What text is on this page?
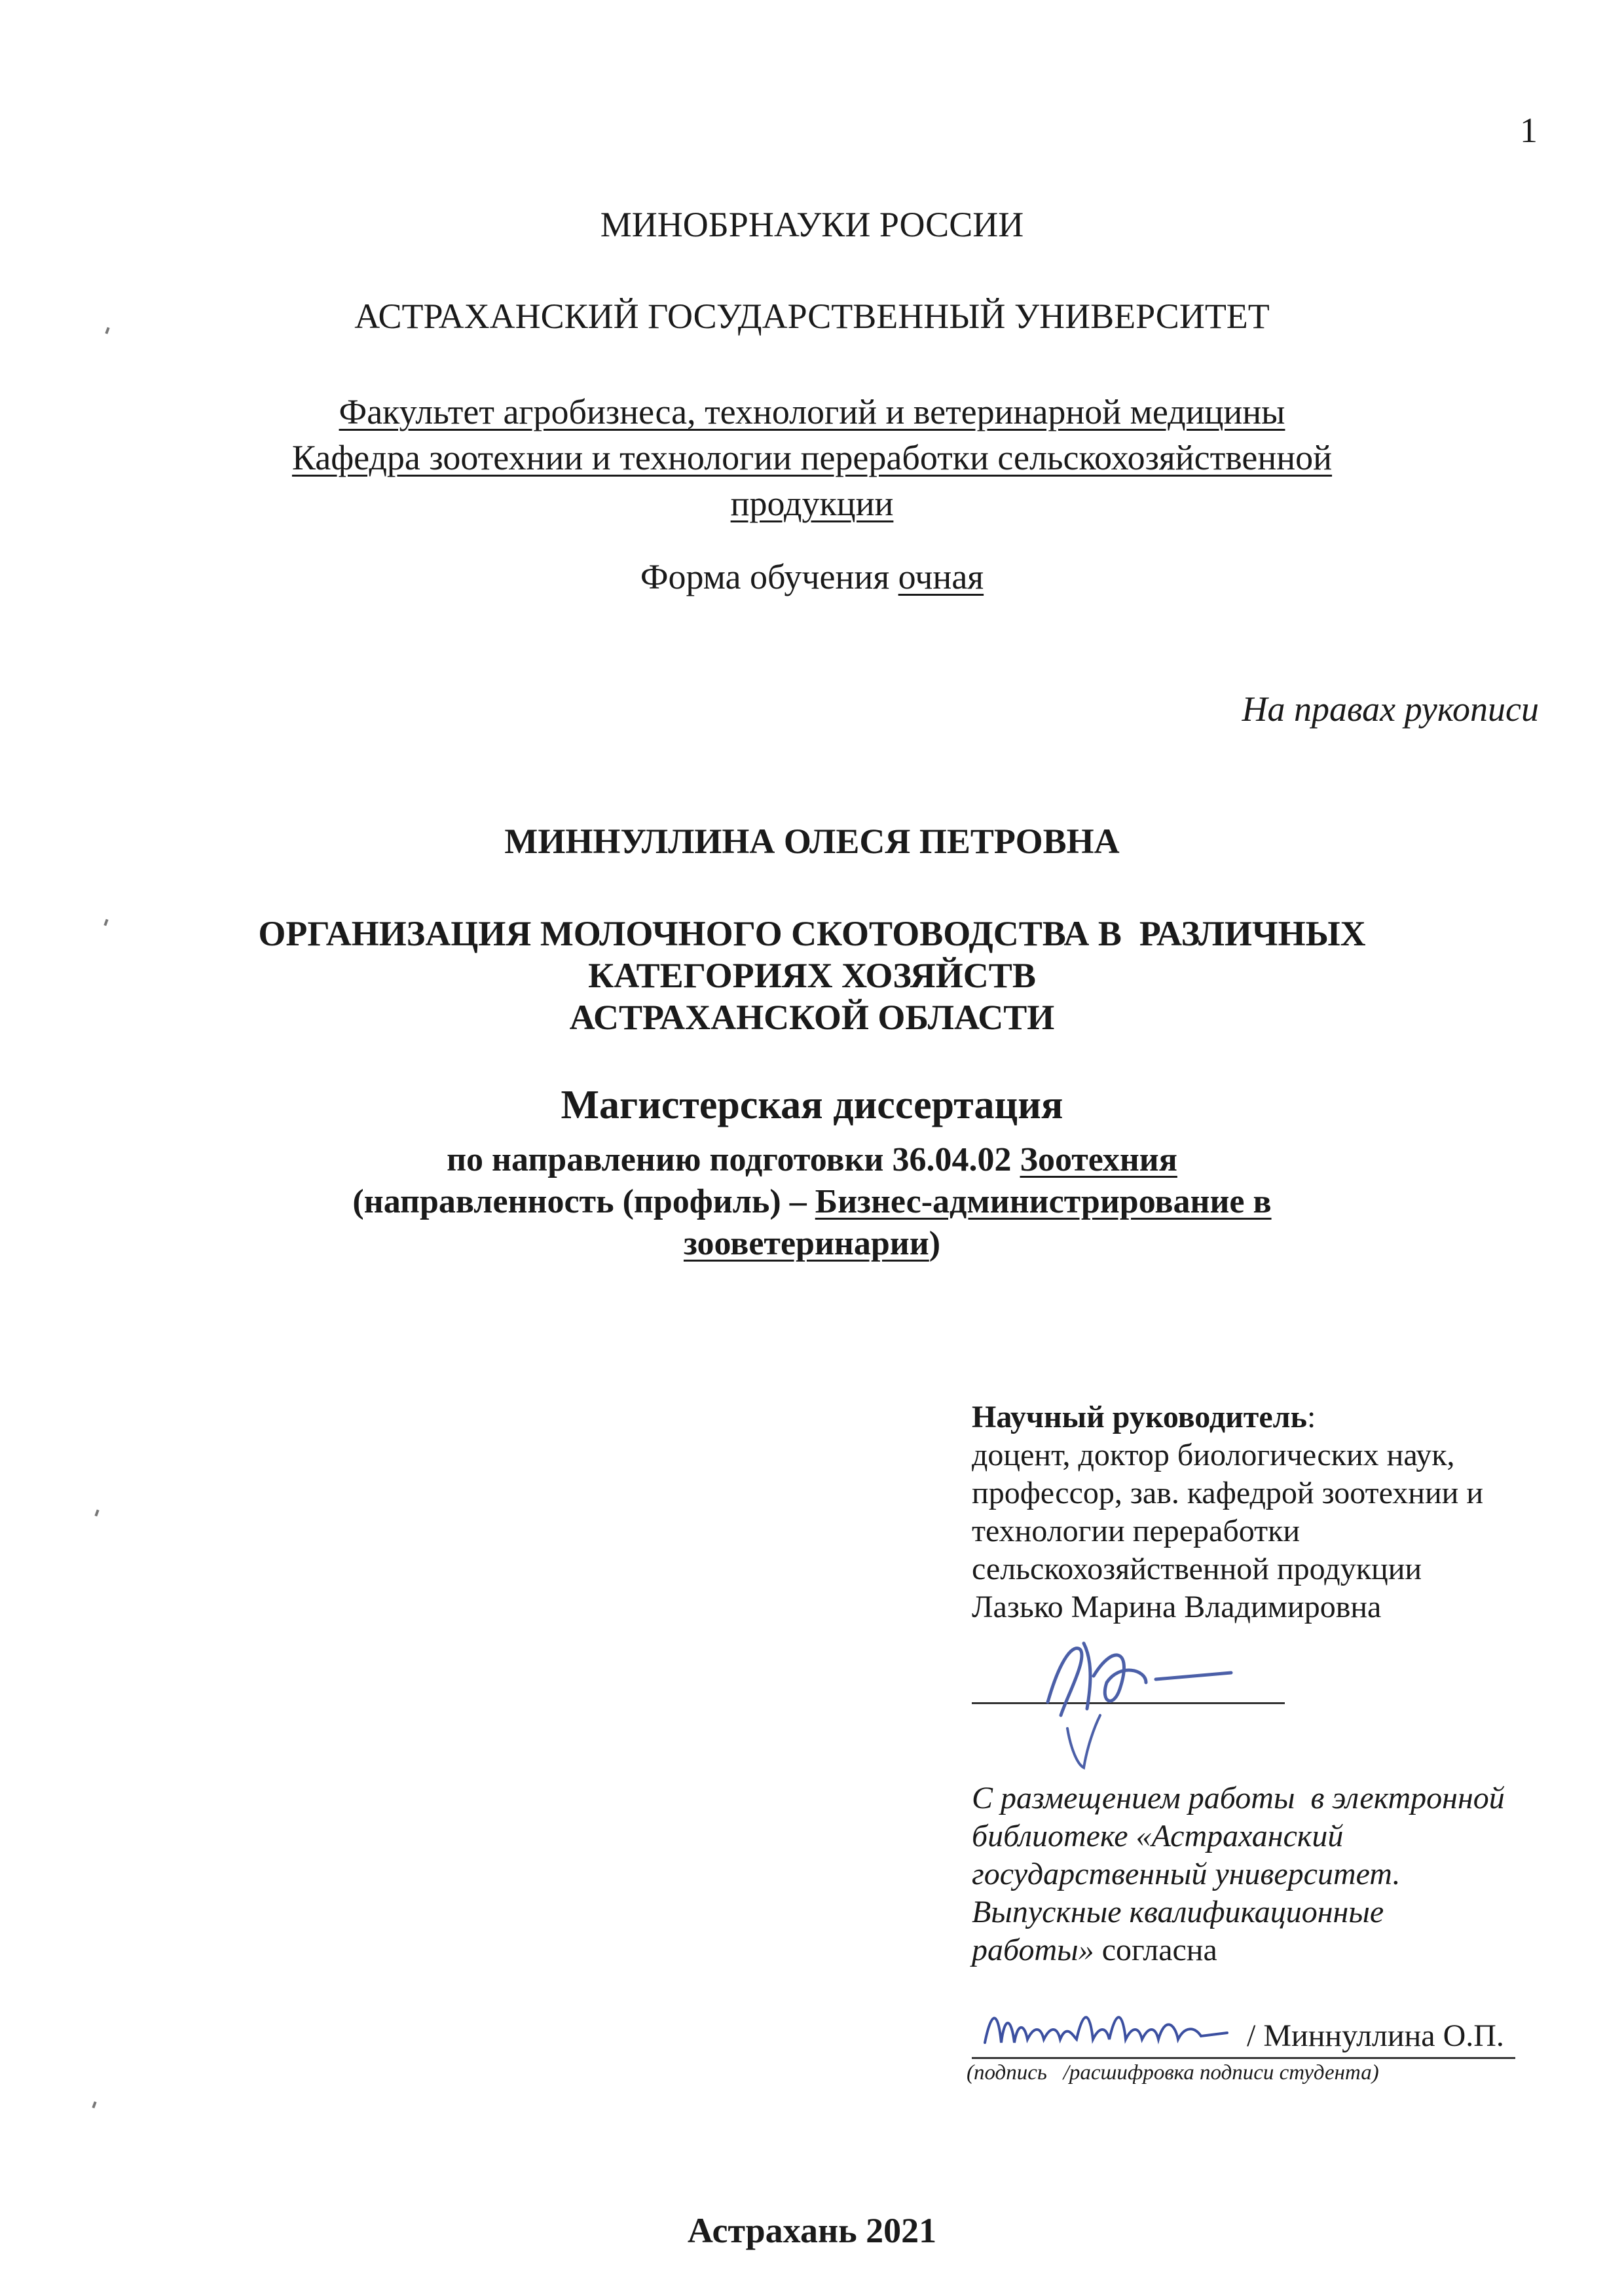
1
МИНОБРНАУКИ РОССИИ
АСТРАХАНСКИЙ ГОСУДАРСТВЕННЫЙ УНИВЕРСИТЕТ
Факультет агробизнеса, технологий и ветеринарной медицины
Кафедра зоотехнии и технологии переработки сельскохозяйственной
продукции
Форма обучения очная
На правах рукописи
МИННУЛЛИНА ОЛЕСЯ ПЕТРОВНА
ОРГАНИЗАЦИЯ МОЛОЧНОГО СКОТОВОДСТВА В  РАЗЛИЧНЫХ
КАТЕГОРИЯХ ХОЗЯЙСТВ
АСТРАХАНСКОЙ ОБЛАСТИ
Магистерская диссертация
по направлению подготовки 36.04.02 Зоотехния
(направленность (профиль) – Бизнес-администрирование в
зооветеринарии)
Научный руководитель:
доцент, доктор биологических наук,
профессор, зав. кафедрой зоотехнии и
технологии переработки
сельскохозяйственной продукции
Лазько Марина Владимировна
С размещением работы  в электронной
библиотеке «Астраханский
государственный университет.
Выпускные квалификационные
работы» согласна
/ Миннуллина О.П.
(подпись   /расшифровка подписи студента)
Астрахань 2021
